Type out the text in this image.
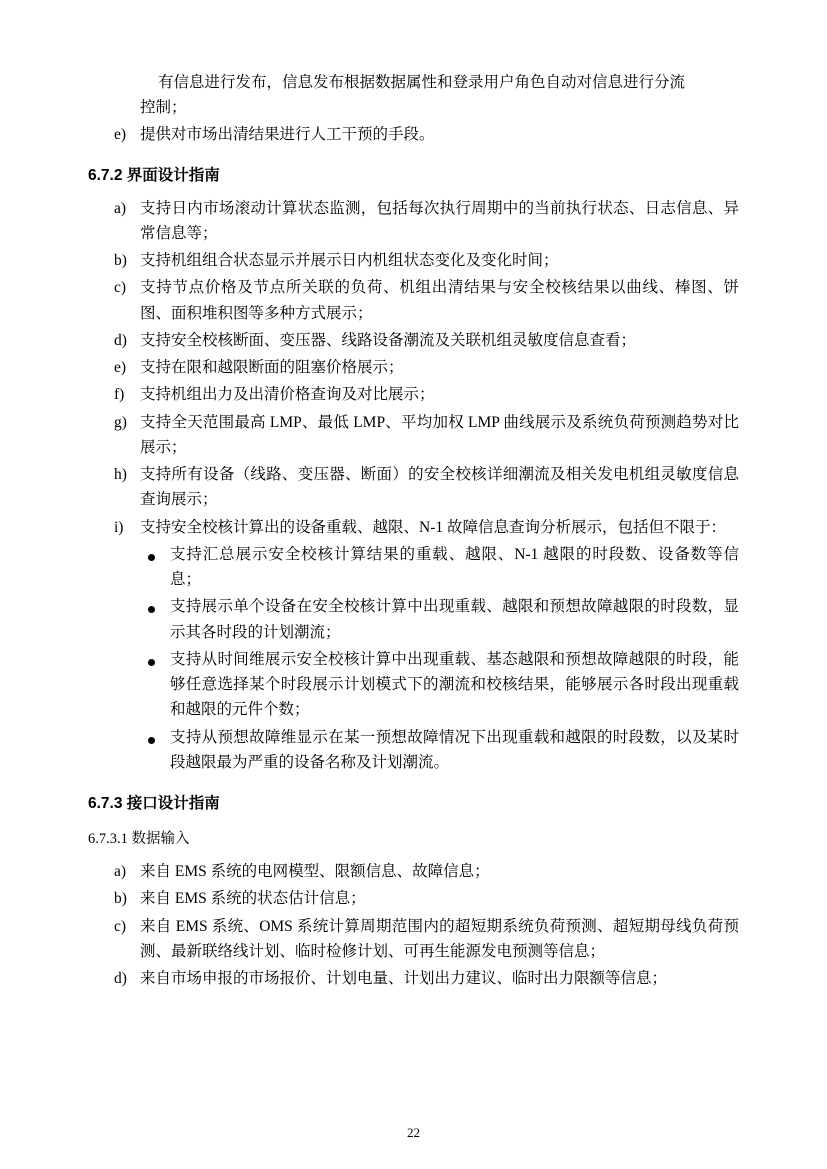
有信息进行发布，信息发布根据数据属性和登录用户角色自动对信息进行分流
控制；
e) 提供对市场出清结果进行人工干预的手段。
6.7.2 界面设计指南
a) 支持日内市场滚动计算状态监测，包括每次执行周期中的当前执行状态、日志信息、异常信息等；
b) 支持机组组合状态显示并展示日内机组状态变化及变化时间；
c) 支持节点价格及节点所关联的负荷、机组出清结果与安全校核结果以曲线、棒图、饼图、面积堆积图等多种方式展示；
d) 支持安全校核断面、变压器、线路设备潮流及关联机组灵敏度信息查看；
e) 支持在限和越限断面的阻塞价格展示；
f)	支持机组出力及出清价格查询及对比展示；
g) 支持全天范围最高 LMP、最低 LMP、平均加权 LMP 曲线展示及系统负荷预测趋势对比展示；
h) 支持所有设备（线路、变压器、断面）的安全校核详细潮流及相关发电机组灵敏度信息查询展示；
i)	支持安全校核计算出的设备重载、越限、N-1 故障信息查询分析展示，包括但不限于：
支持汇总展示安全校核计算结果的重载、越限、N-1 越限的时段数、设备数等信息；
支持展示单个设备在安全校核计算中出现重载、越限和预想故障越限的时段数，显示其各时段的计划潮流；
支持从时间维展示安全校核计算中出现重载、基态越限和预想故障越限的时段，能够任意选择某个时段展示计划模式下的潮流和校核结果，能够展示各时段出现重载和越限的元件个数；
支持从预想故障维显示在某一预想故障情况下出现重载和越限的时段数，以及某时段越限最为严重的设备名称及计划潮流。
6.7.3 接口设计指南
6.7.3.1 数据输入
a) 来自 EMS 系统的电网模型、限额信息、故障信息；
b) 来自 EMS 系统的状态估计信息；
c) 来自 EMS 系统、OMS 系统计算周期范围内的超短期系统负荷预测、超短期母线负荷预测、最新联络线计划、临时检修计划、可再生能源发电预测等信息；
d) 来自市场申报的市场报价、计划电量、计划出力建议、临时出力限额等信息；
22
